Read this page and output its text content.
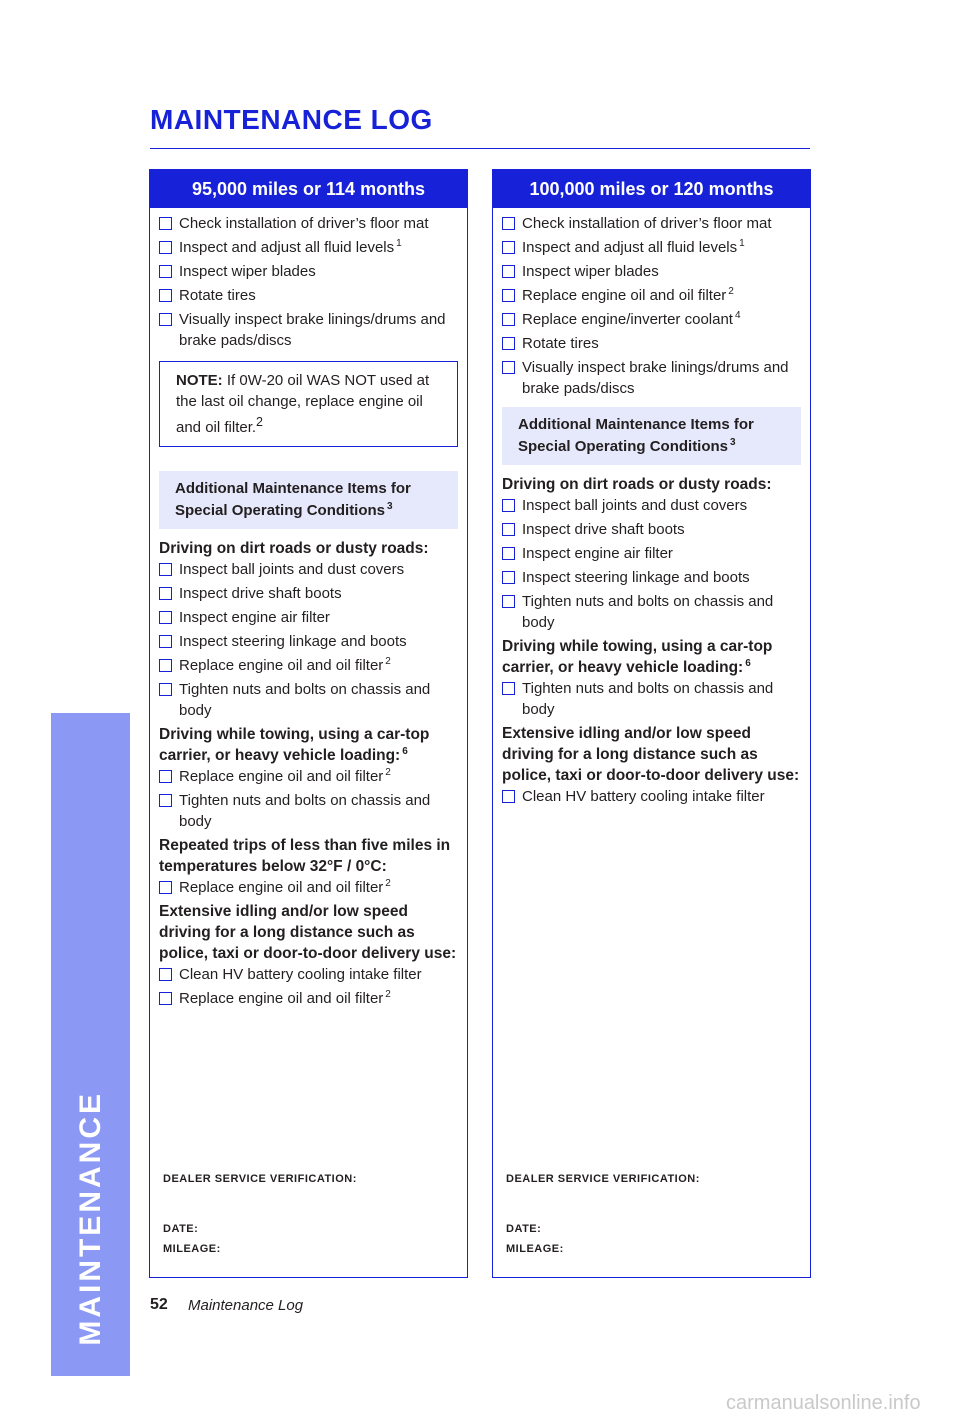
MAINTENANCE LOG
MAINTENANCE
95,000 miles or 114 months
Check installation of driver’s floor mat
Inspect and adjust all fluid levels $^1$
Inspect wiper blades
Rotate tires
Visually inspect brake linings/drums and brake pads/discs
NOTE: If 0W-20 oil WAS NOT used at the last oil change, replace engine oil and oil filter.$^2$
Additional Maintenance Items for Special Operating Conditions $^3$
Driving on dirt roads or dusty roads:
Inspect ball joints and dust covers
Inspect drive shaft boots
Inspect engine air filter
Inspect steering linkage and boots
Replace engine oil and oil filter $^2$
Tighten nuts and bolts on chassis and body
Driving while towing, using a car-top carrier, or heavy vehicle loading: $^6$
Replace engine oil and oil filter $^2$
Tighten nuts and bolts on chassis and body
Repeated trips of less than five miles in temperatures below 32°F / 0°C:
Replace engine oil and oil filter $^2$
Extensive idling and/or low speed driving for a long distance such as police, taxi or door-to-door delivery use:
Clean HV battery cooling intake filter
Replace engine oil and oil filter $^2$
DEALER SERVICE VERIFICATION:
DATE:
MILEAGE:
100,000 miles or 120 months
Check installation of driver’s floor mat
Inspect and adjust all fluid levels $^1$
Inspect wiper blades
Replace engine oil and oil filter $^2$
Replace engine/inverter coolant $^4$
Rotate tires
Visually inspect brake linings/drums and brake pads/discs
Additional Maintenance Items for Special Operating Conditions $^3$
Driving on dirt roads or dusty roads:
Inspect ball joints and dust covers
Inspect drive shaft boots
Inspect engine air filter
Inspect steering linkage and boots
Tighten nuts and bolts on chassis and body
Driving while towing, using a car-top carrier, or heavy vehicle loading: $^6$
Tighten nuts and bolts on chassis and body
Extensive idling and/or low speed driving for a long distance such as police, taxi or door-to-door delivery use:
Clean HV battery cooling intake filter
DEALER SERVICE VERIFICATION:
DATE:
MILEAGE:
52 Maintenance Log
carmanualsonline.info
